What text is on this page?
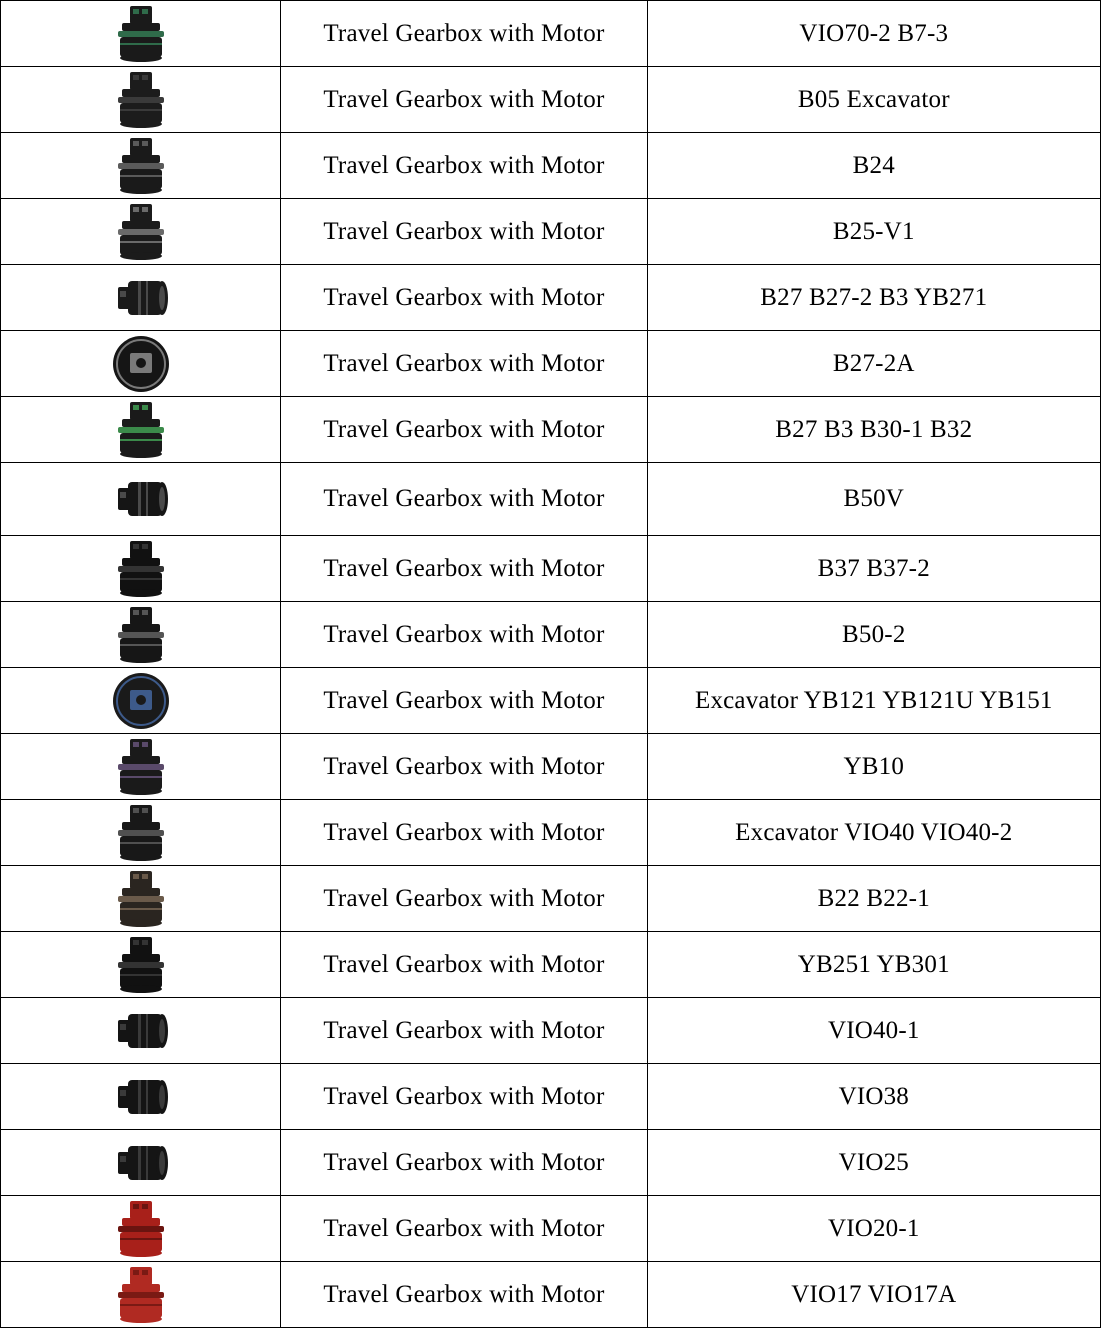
	Travel Gearbox with Motor	VIO70-2 B7-3

	Travel Gearbox with Motor	B05 Excavator

	Travel Gearbox with Motor	B24

	Travel Gearbox with Motor	B25-V1

	Travel Gearbox with Motor	B27 B27-2 B3 YB271

	Travel Gearbox with Motor	B27-2A

	Travel Gearbox with Motor	B27 B3 B30-1 B32

	Travel Gearbox with Motor	B50V

	Travel Gearbox with Motor	B37 B37-2

	Travel Gearbox with Motor	B50-2

	Travel Gearbox with Motor	Excavator YB121 YB121U YB151

	Travel Gearbox with Motor	YB10

	Travel Gearbox with Motor	Excavator VIO40 VIO40-2

	Travel Gearbox with Motor	B22 B22-1

	Travel Gearbox with Motor	YB251 YB301

	Travel Gearbox with Motor	VIO40-1

	Travel Gearbox with Motor	VIO38

	Travel Gearbox with Motor	VIO25

	Travel Gearbox with Motor	VIO20-1

	Travel Gearbox with Motor	VIO17 VIO17A
